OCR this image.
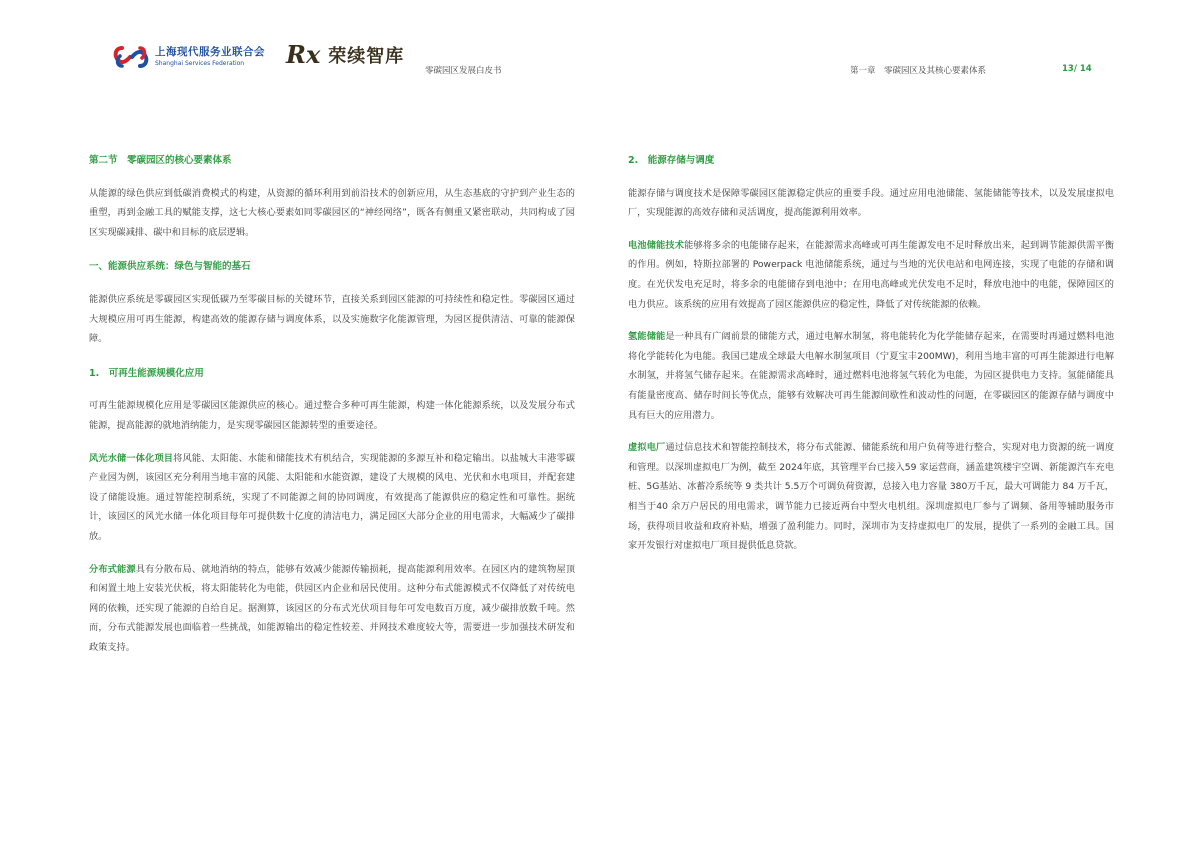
上海现代服务业联合会
Shanghai Services Federation	Rx 荣续智库
零碳园区发展白皮书	第一章　零碳园区及其核心要素体系	13/ 14

第二节　零碳园区的核心要素体系

从能源的绿色供应到低碳消费模式的构建，从资源的循环利用到前沿技术的创新应用，从生态基底的守护到产业生态的重塑，再到金融工具的赋能支撑，这七大核心要素如同零碳园区的“神经网络”，既各有侧重又紧密联动，共同构成了园区实现碳减排、碳中和目标的底层逻辑。

一、能源供应系统：绿色与智能的基石

能源供应系统是零碳园区实现低碳乃至零碳目标的关键环节，直接关系到园区能源的可持续性和稳定性。零碳园区通过大规模应用可再生能源，构建高效的能源存储与调度体系，以及实施数字化能源管理，为园区提供清洁、可靠的能源保障。

1.　可再生能源规模化应用

可再生能源规模化应用是零碳园区能源供应的核心。通过整合多种可再生能源，构建一体化能源系统，以及发展分布式能源，提高能源的就地消纳能力，是实现零碳园区能源转型的重要途径。

风光水储一体化项目将风能、太阳能、水能和储能技术有机结合，实现能源的多源互补和稳定输出。以盐城大丰港零碳产业园为例，该园区充分利用当地丰富的风能、太阳能和水能资源，建设了大规模的风电、光伏和水电项目，并配套建设了储能设施。通过智能控制系统，实现了不同能源之间的协同调度，有效提高了能源供应的稳定性和可靠性。据统计，该园区的风光水储一体化项目每年可提供数十亿度的清洁电力，满足园区大部分企业的用电需求，大幅减少了碳排放。

分布式能源具有分散布局、就地消纳的特点，能够有效减少能源传输损耗，提高能源利用效率。在园区内的建筑物屋顶和闲置土地上安装光伏板，将太阳能转化为电能，供园区内企业和居民使用。这种分布式能源模式不仅降低了对传统电网的依赖，还实现了能源的自给自足。据测算，该园区的分布式光伏项目每年可发电数百万度，减少碳排放数千吨。然而，分布式能源发展也面临着一些挑战，如能源输出的稳定性较差、并网技术难度较大等，需要进一步加强技术研发和政策支持。

2.　能源存储与调度

能源存储与调度技术是保障零碳园区能源稳定供应的重要手段。通过应用电池储能、氢能储能等技术，以及发展虚拟电厂，实现能源的高效存储和灵活调度，提高能源利用效率。

电池储能技术能够将多余的电能储存起来，在能源需求高峰或可再生能源发电不足时释放出来，起到调节能源供需平衡的作用。例如，特斯拉部署的 Powerpack 电池储能系统，通过与当地的光伏电站和电网连接，实现了电能的存储和调度。在光伏发电充足时，将多余的电能储存到电池中；在用电高峰或光伏发电不足时，释放电池中的电能，保障园区的电力供应。该系统的应用有效提高了园区能源供应的稳定性，降低了对传统能源的依赖。

氢能储能是一种具有广阔前景的储能方式，通过电解水制氢，将电能转化为化学能储存起来，在需要时再通过燃料电池将化学能转化为电能。我国已建成全球最大电解水制氢项目（宁夏宝丰200MW)，利用当地丰富的可再生能源进行电解水制氢，并将氢气储存起来。在能源需求高峰时，通过燃料电池将氢气转化为电能，为园区提供电力支持。氢能储能具有能量密度高、储存时间长等优点，能够有效解决可再生能源间歇性和波动性的问题，在零碳园区的能源存储与调度中具有巨大的应用潜力。

虚拟电厂通过信息技术和智能控制技术，将分布式能源、储能系统和用户负荷等进行整合，实现对电力资源的统一调度和管理。以深圳虚拟电厂为例，截至 2024年底，其管理平台已接入59 家运营商，涵盖建筑楼宇空调、新能源汽车充电桩、5G基站、冰蓄冷系统等 9 类共计 5.5万个可调负荷资源，总接入电力容量 380万千瓦，最大可调能力 84 万千瓦，相当于40 余万户居民的用电需求，调节能力已接近两台中型火电机组。深圳虚拟电厂参与了调频、备用等辅助服务市场，获得项目收益和政府补贴，增强了盈利能力。同时，深圳市为支持虚拟电厂的发展，提供了一系列的金融工具。国家开发银行对虚拟电厂项目提供低息贷款。
